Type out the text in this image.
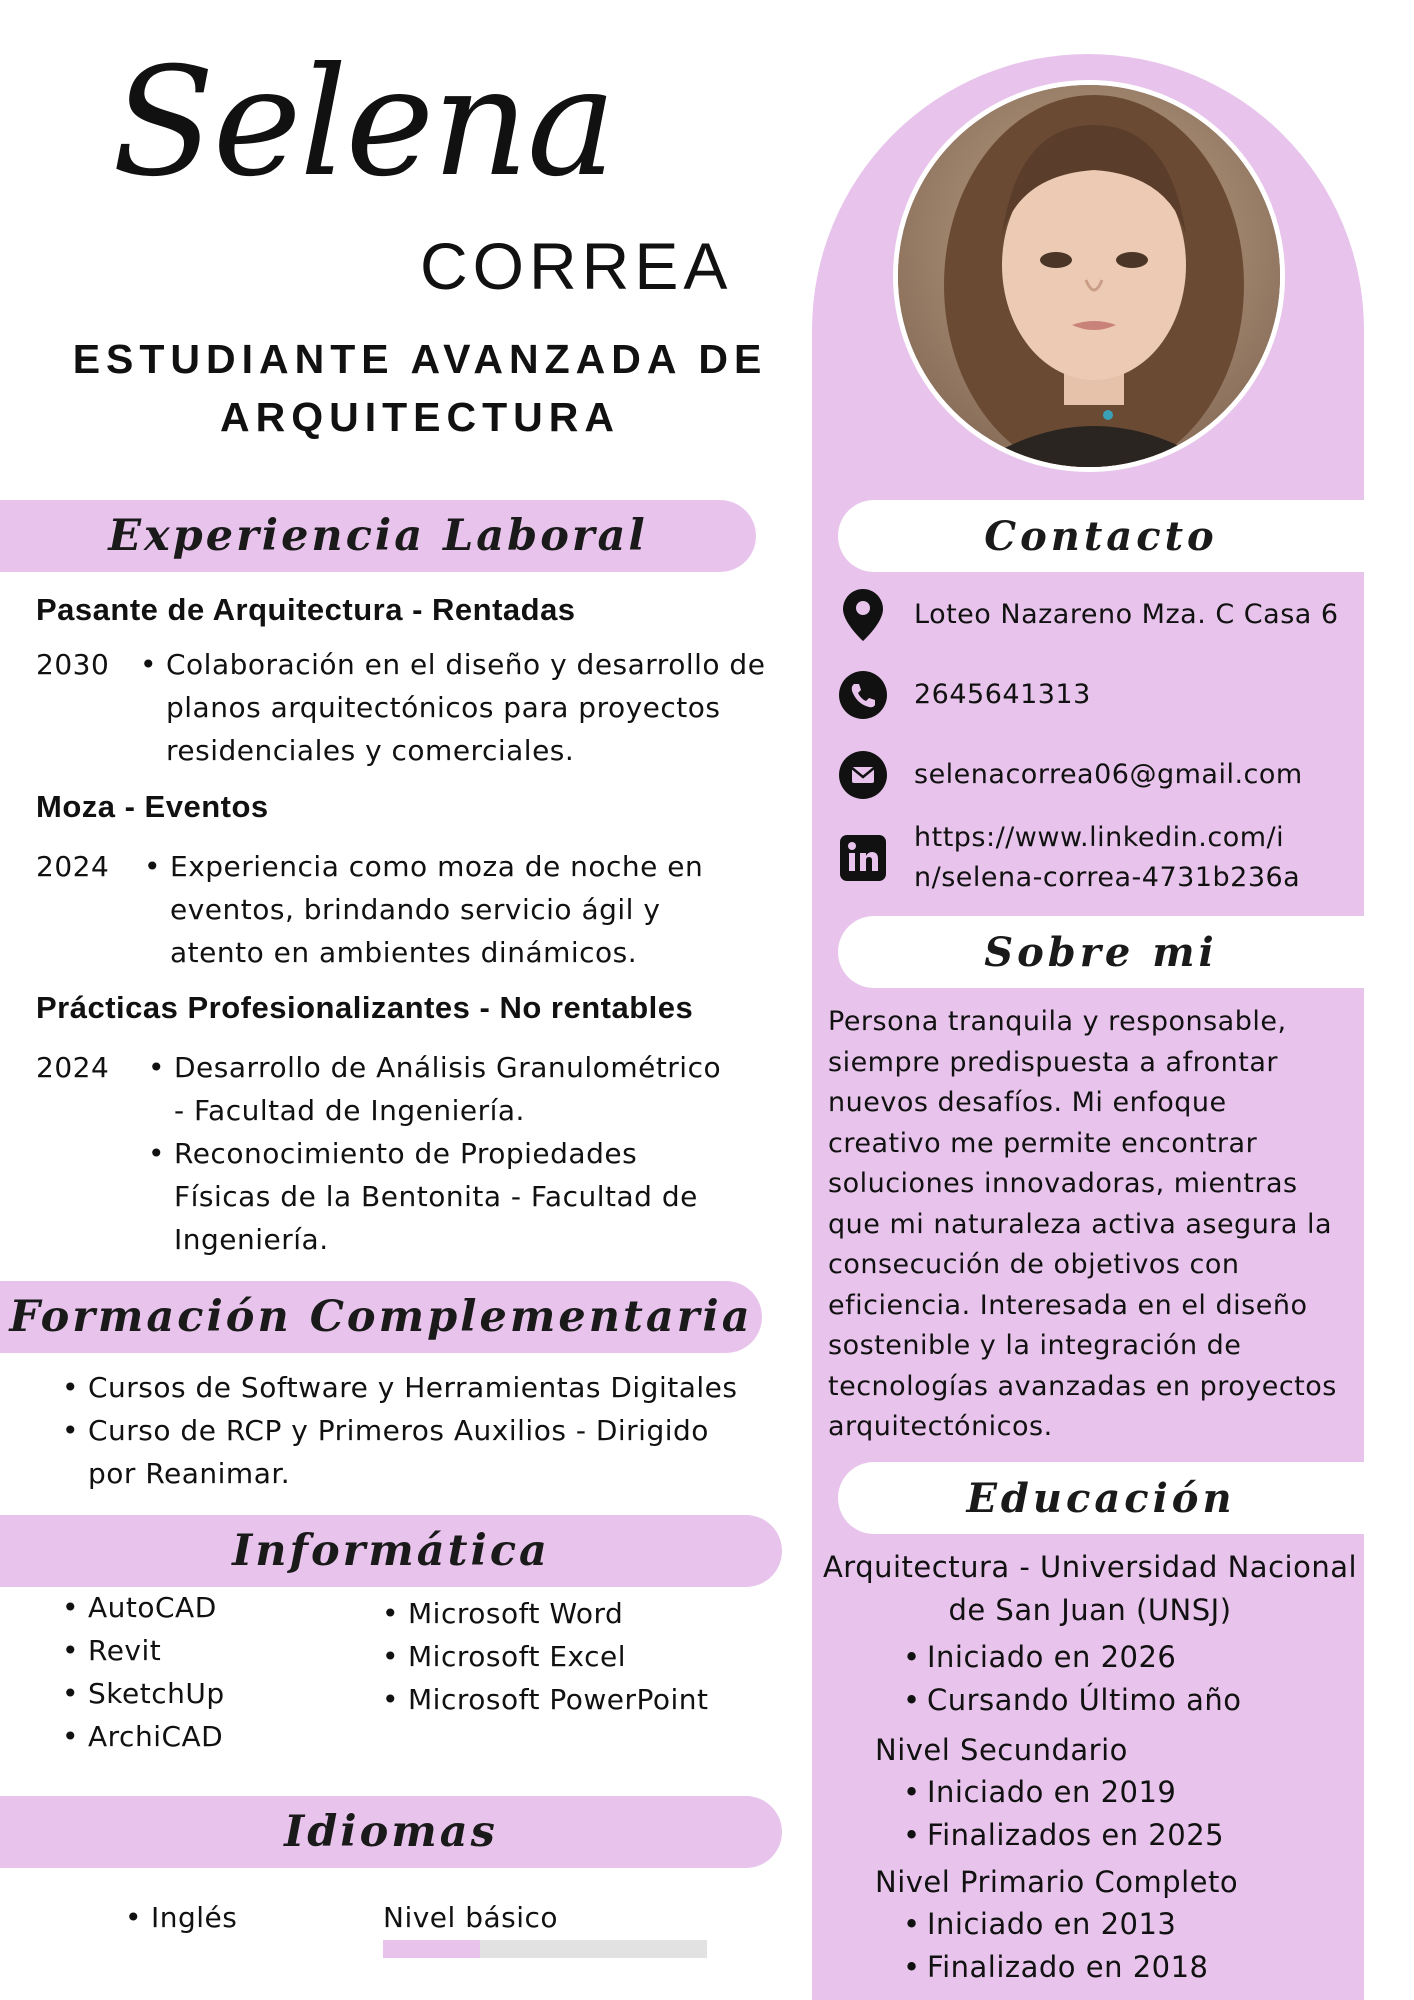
Selena
CORREA
ESTUDIANTE AVANZADA DE
ARQUITECTURA
Experiencia Laboral
Pasante de Arquitectura - Rentadas
2030 • Colaboración en el diseño y desarrollo de
planos arquitectónicos para proyectos
residenciales y comerciales.
Moza - Eventos
2024 • Experiencia como moza de noche en
eventos, brindando servicio ágil y
atento en ambientes dinámicos.
Prácticas Profesionalizantes - No rentables
2024 • Desarrollo de Análisis Granulométrico
- Facultad de Ingeniería.
• Reconocimiento de Propiedades
Físicas de la Bentonita - Facultad de
Ingeniería.
Formación Complementaria
• Cursos de Software y Herramientas Digitales
• Curso de RCP y Primeros Auxilios - Dirigido
por Reanimar.
Informática
• AutoCAD
• Revit
• SketchUp
• ArchiCAD
• Microsoft Word
• Microsoft Excel
• Microsoft PowerPoint
Idiomas
• Inglés	Nivel básico
Contacto
Loteo Nazareno Mza. C Casa 6
2645641313
selenacorrea06@gmail.com
https://www.linkedin.com/i
n/selena-correa-4731b236a
Sobre mi
Persona tranquila y responsable,
siempre predispuesta a afrontar
nuevos desafíos. Mi enfoque
creativo me permite encontrar
soluciones innovadoras, mientras
que mi naturaleza activa asegura la
consecución de objetivos con
eficiencia. Interesada en el diseño
sostenible y la integración de
tecnologías avanzadas en proyectos
arquitectónicos.
Educación
Arquitectura - Universidad Nacional
de San Juan (UNSJ)
• Iniciado en 2026
• Cursando Último año
Nivel Secundario
• Iniciado en 2019
• Finalizados en 2025
Nivel Primario Completo
• Iniciado en 2013
• Finalizado en 2018
